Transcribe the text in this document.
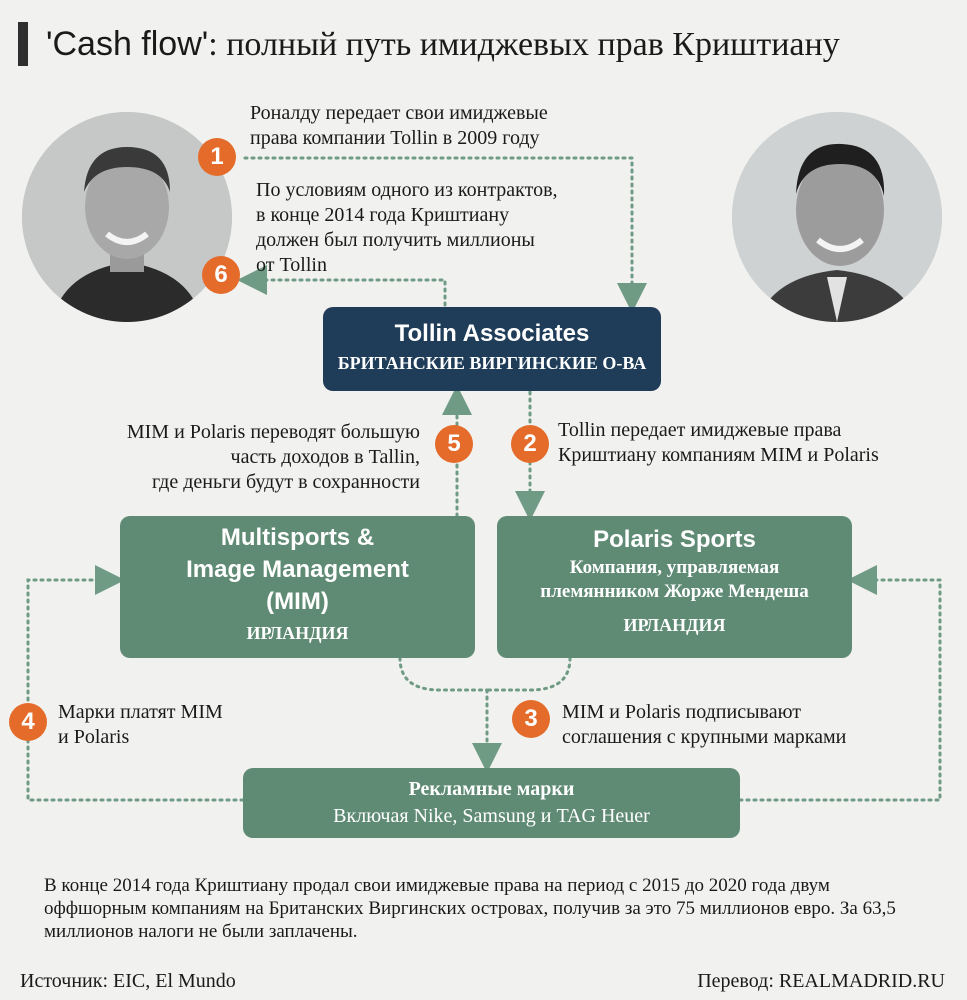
'Cash flow': полный путь имиджевых прав Криштиану
Tollin Associates
БРИТАНСКИЕ ВИРГИНСКИЕ О-ВА
Multisports &
Image Management
(MIM)
ИРЛАНДИЯ
Polaris Sports
Компания, управляемая
племянником Жорже Мендеша
ИРЛАНДИЯ
Рекламные марки
Включая Nike, Samsung и TAG Heuer
1
Роналду передает свои имиджевые
права компании Tollin в 2009 году
6
По условиям одного из контрактов,
в конце 2014 года Криштиану
должен был получить миллионы
от Tollin
5
MIM и Polaris переводят большую
часть доходов в Tallin,
где деньги будут в сохранности
2	Tollin передает имиджевые права
Криштиану компаниям MIM и Polaris
4	Марки платят MIM
и Polaris
3	MIM и Polaris подписывают
соглашения с крупными марками
В конце 2014 года Криштиану продал свои имиджевые права на период с 2015 до 2020 года двум оффшорным компаниям на Британских Виргинских островах, получив за это 75 миллионов евро. За 63,5 миллионов налоги не были заплачены.
Источник: EIC, El Mundo	Перевод: REALMADRID.RU
